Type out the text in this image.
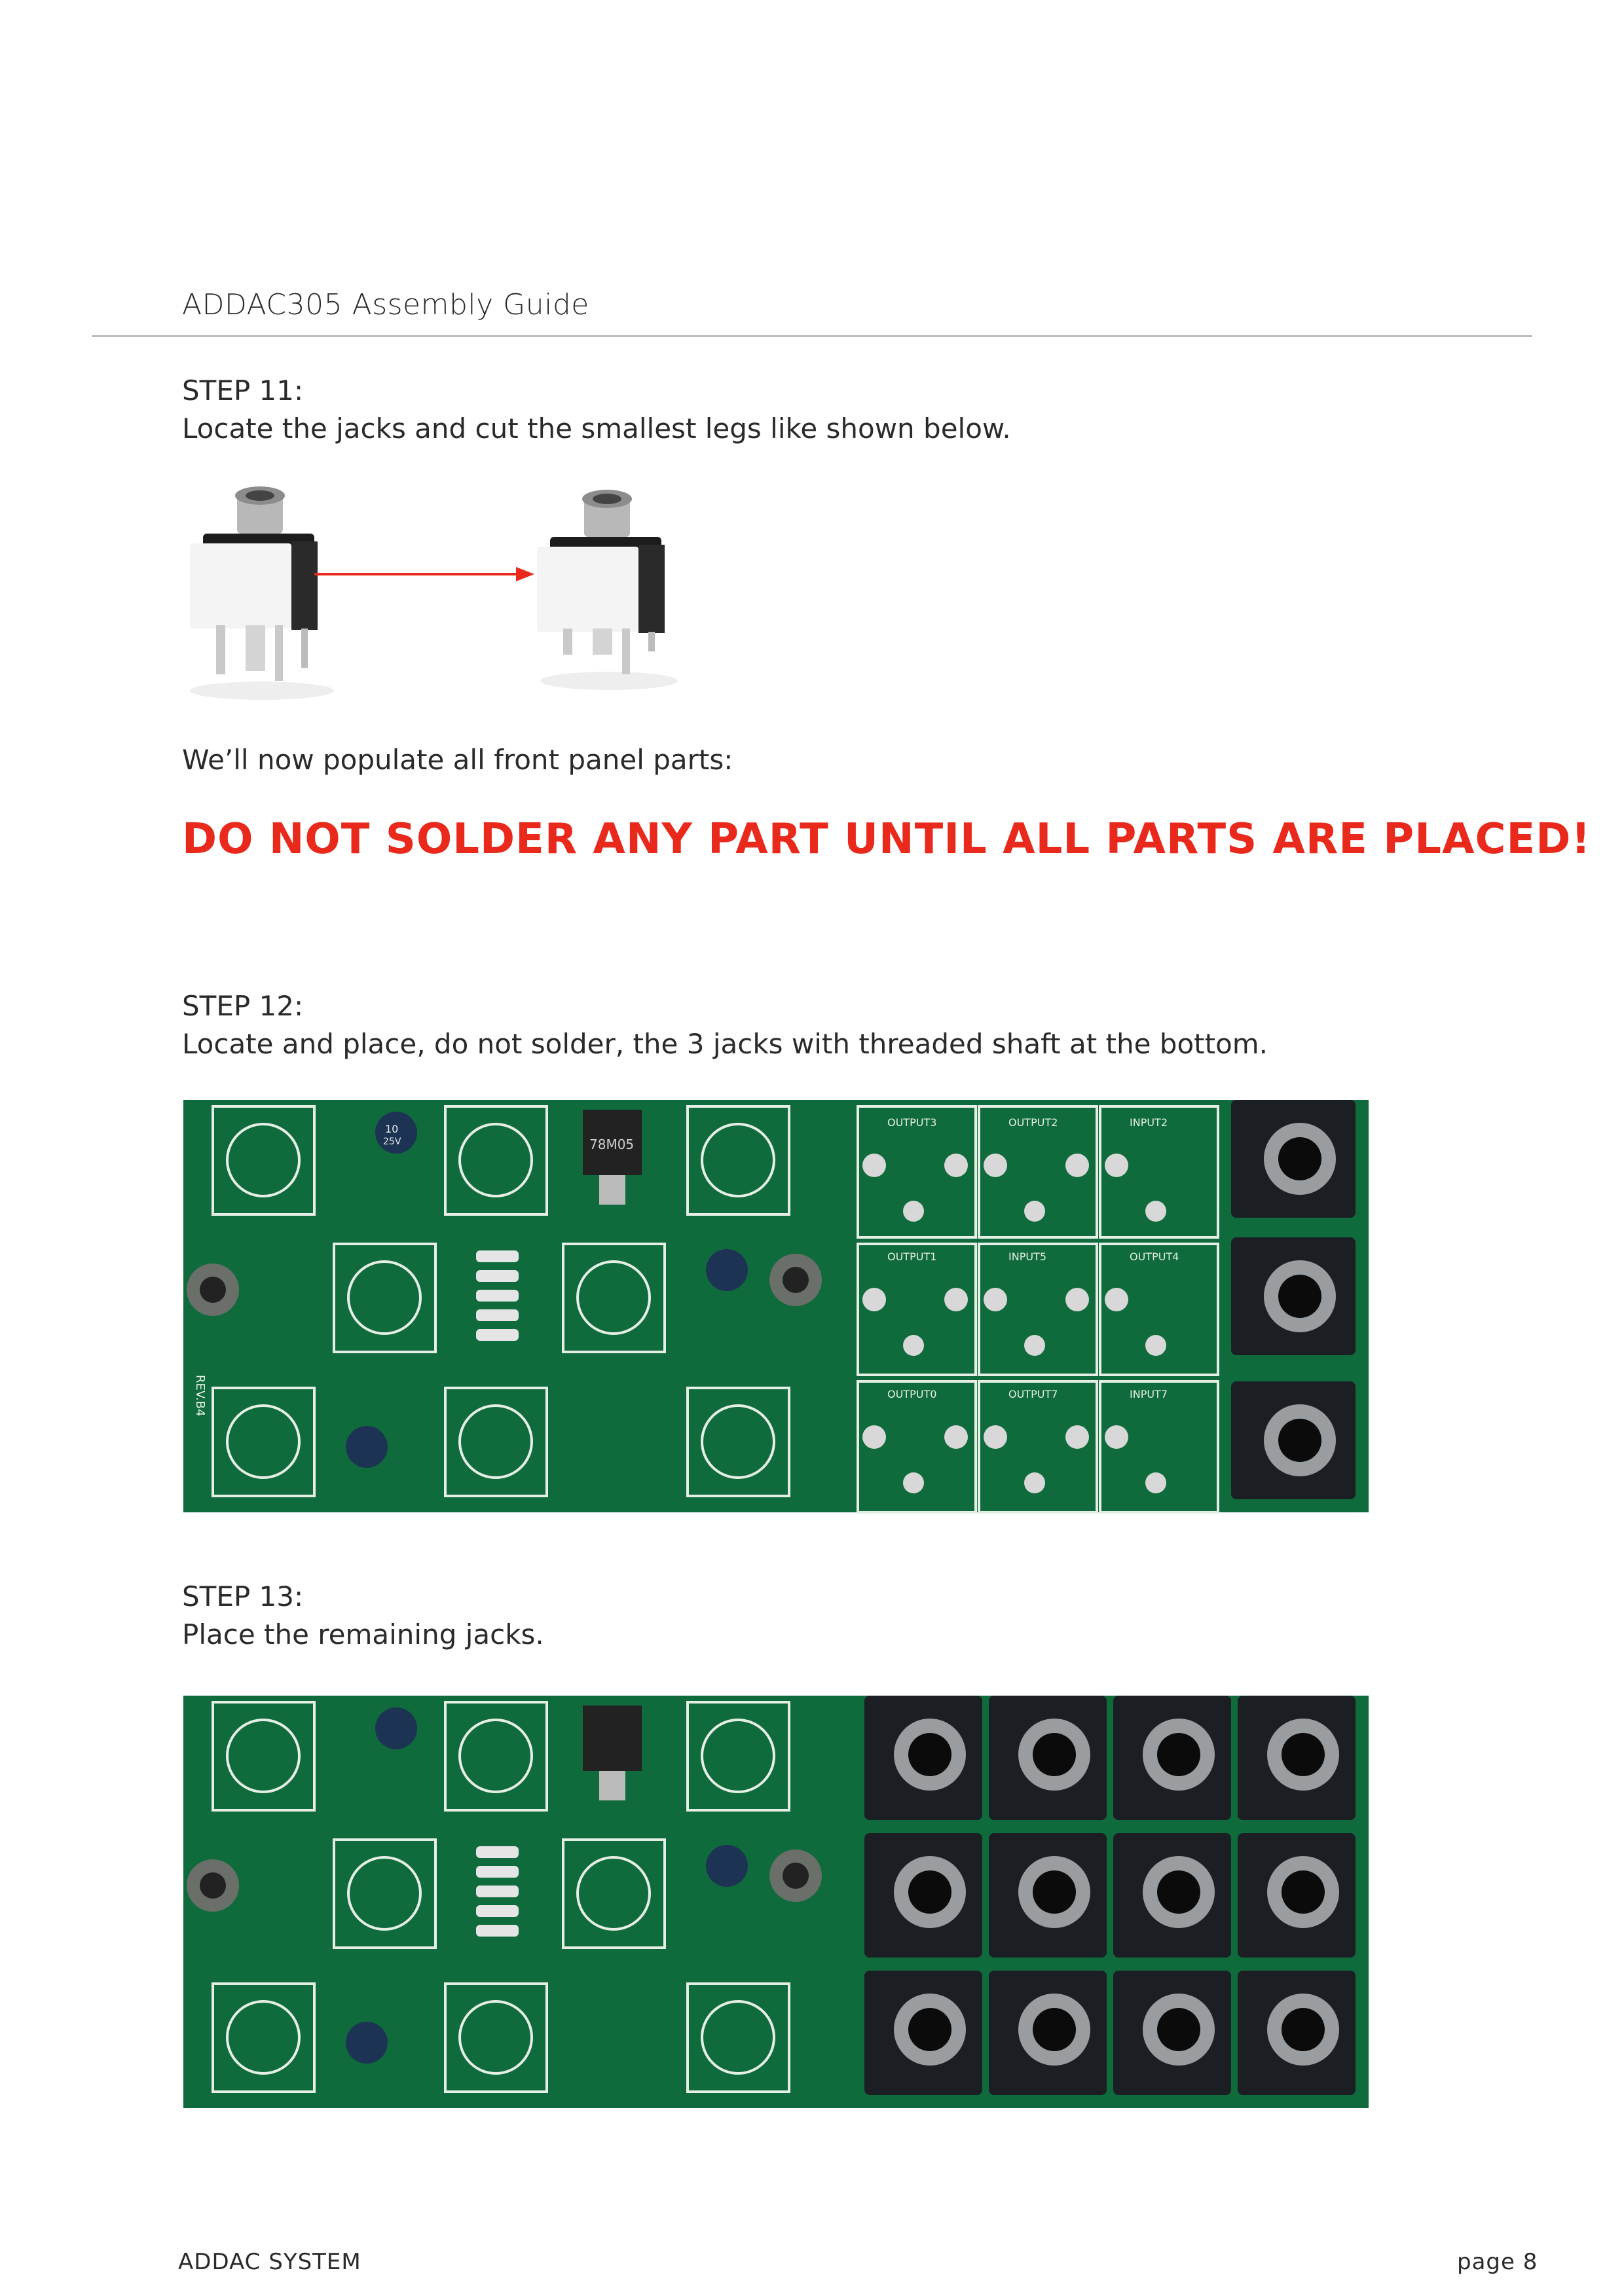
ADDAC305 Assembly Guide
STEP 11:
Locate the jacks and cut the smallest legs like shown below.
We’ll now populate all front panel parts:
DO NOT SOLDER ANY PART UNTIL ALL PARTS ARE PLACED!
STEP 12:
Locate and place, do not solder, the 3 jacks with threaded shaft at the bottom.
78M05
10
25V
REV.B4
OUTPUT3	OUTPUT2	INPUT2
OUTPUT1	INPUT5	OUTPUT4
OUTPUT0	OUTPUT7	INPUT7
STEP 13:
Place the remaining jacks.
ADDAC SYSTEM	page 8
